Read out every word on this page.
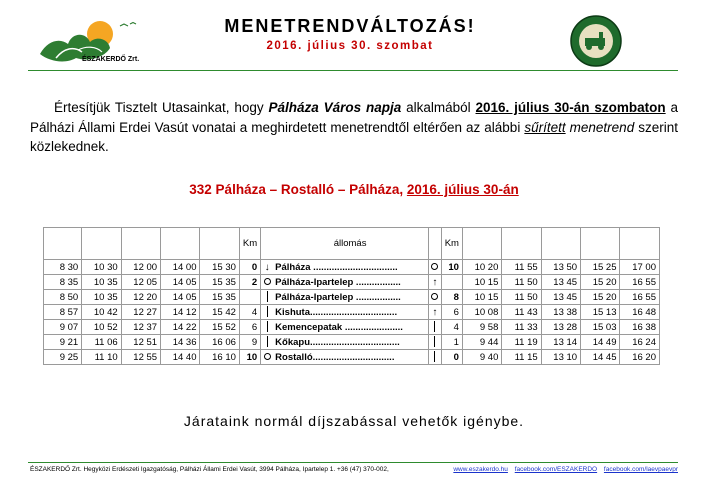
ÉSZAKERDŐ Zrt.
MENETRENDVÁLTOZÁS!
2016. július 30. szombat

Értesítjük Tisztelt Utasainkat, hogy Pálháza Város napja alkalmából 2016. július 30-án szombaton a Pálházi Állami Erdei Vasút vonatai a meghirdetett menetrendtől eltérően az alábbi sűrített menetrend szerint közlekednek.

332 Pálháza – Rostalló – Pálháza, 2016. július 30-án
					Km		állomás		Km					
8 30	10 30	12 00	14 00	15 30	0	↓	Pálháza ................................		10	10 20	11 55	13 50	15 25	17 00
8 35	10 35	12 05	14 05	15 35	2		Pálháza-Ipartelep .................	↑		10 15	11 50	13 45	15 20	16 55
8 50	10 35	12 20	14 05	15 35			Pálháza-Ipartelep .................		8	10 15	11 50	13 45	15 20	16 55
8 57	10 42	12 27	14 12	15 42	4		Kishuta.................................	↑	6	10 08	11 43	13 38	15 13	16 48
9 07	10 52	12 37	14 22	15 52	6		Kemencepatak ......................		4	9 58	11 33	13 28	15 03	16 38
9 21	11 06	12 51	14 36	16 06	9		Kőkapu..................................		1	9 44	11 19	13 14	14 49	16 24
9 25	11 10	12 55	14 40	16 10	10		Rostalló...............................		0	9 40	11 15	13 10	14 45	16 20
Járataink normál díjszabással vehetők igénybe.
ÉSZAKERDŐ Zrt. Hegyközi Erdészeti Igazgatóság, Pálházi Állami Erdei Vasút, 3994 Pálháza, Ipartelep 1. +36 (47) 370-002,	www.eszakerdo.hu facebook.com/ESZAKERDO facebook.com/laevpaevpr
